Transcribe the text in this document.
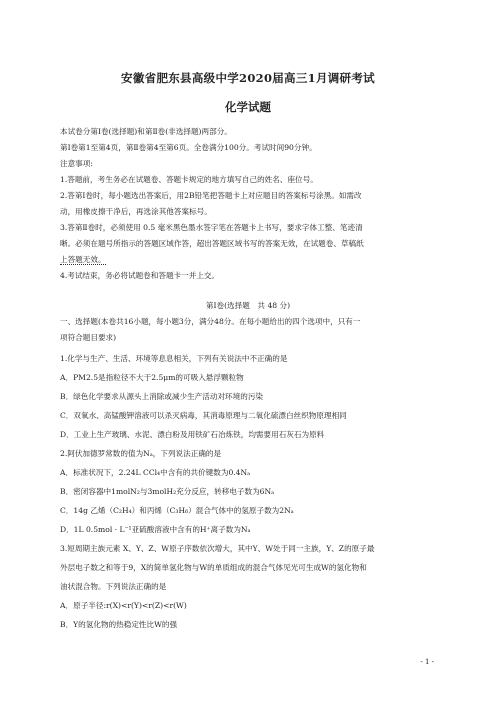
安徽省肥东县高级中学2020届高三1月调研考试
化学试题
本试卷分第Ⅰ卷(选择题)和第Ⅱ卷(非选择题)两部分。
第Ⅰ卷第1至第4页，第Ⅱ卷第4至第6页。全卷满分100分。考试时间90分钟。
注意事项:
1.答题前，考生务必在试题卷、答题卡规定的地方填写自己的姓名、座位号。
2.答第Ⅰ卷时，每小题选出答案后，用2B铅笔把答题卡上对应题目的答案标号涂黑。如需改
动，用橡皮擦干净后，再选涂其他答案标号。
3.答第Ⅱ卷时，必须使用 0.5 毫米黑色墨水签字笔在答题卡上书写，要求字体工整、笔迹清
晰。必须在题号所指示的答题区域作答，超出答题区域书写的答案无效，在试题卷、草稿纸
上答题无效。
4.考试结束，务必将试题卷和答题卡一并上交。
第Ⅰ卷(选择题　共 48 分)
一、选择题(本卷共16小题，每小题3分，满分48分。在每小题给出的四个选项中，只有一
项符合题目要求)
1.化学与生产、生活、环境等息息相关，下列有关说法中不正确的是
A．PM2.5是指粒径不大于2.5μm的可吸入悬浮颗粒物
B．绿色化学要求从源头上消除或减少生产活动对环境的污染
C．双氧水、高锰酸钾溶液可以杀灭病毒，其消毒原理与二氧化硫漂白丝织物原理相同
D．工业上生产玻璃、水泥、漂白粉及用铁矿石冶炼铁，均需要用石灰石为原料
2.阿伏加德罗常数的值为Nₐ，下列说法正确的是
A．标准状况下，2.24L CCl₄中含有的共价键数为0.4Nₐ
B．密闭容器中1molN₂与3molH₂充分反应，转移电子数为6Nₐ
C．14g 乙烯（C₂H₄）和丙烯（C₃H₆）混合气体中的氢原子数为2Nₐ
D．1L 0.5mol · L⁻¹亚硫酸溶液中含有的H⁺离子数为Nₐ
3.短周期主族元素 X、Y、Z、W原子序数依次增大，其中Y、W处于同一主族，Y、Z的原子最
外层电子数之和等于9，X的简单氢化物与W的单质组成的混合气体见光可生成W的氢化物和
油状混合物。下列说法正确的是
A．原子半径:r(X)<r(Y)<r(Z)<r(W)
B．Y的氢化物的热稳定性比W的强
- 1 -
